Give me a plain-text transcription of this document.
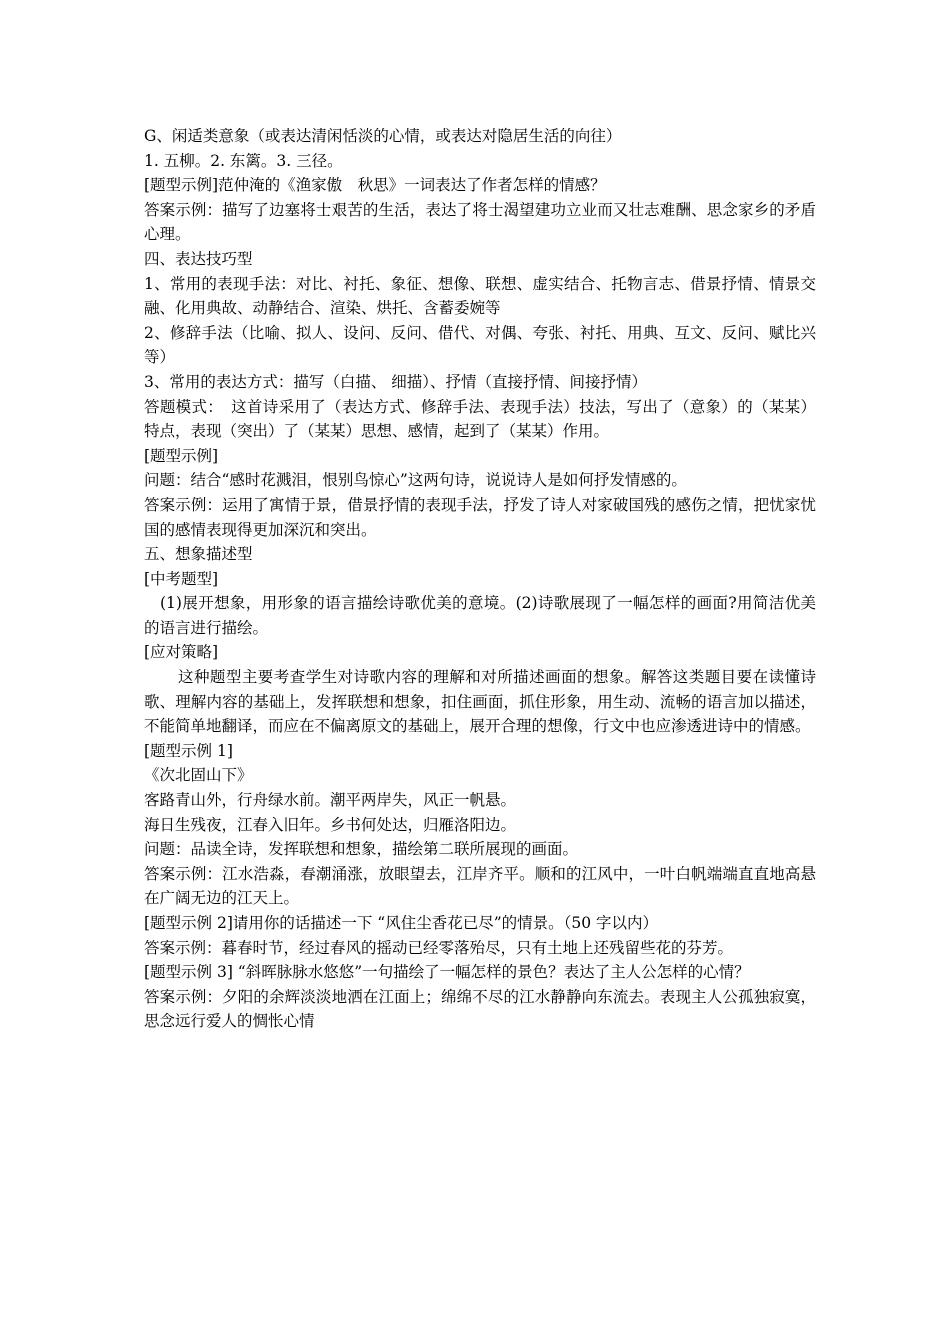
G、闲适类意象（或表达清闲恬淡的心情，或表达对隐居生活的向往）

1. 五柳。2. 东篱。3. 三径。

[题型示例]范仲淹的《渔家傲　秋思》一词表达了作者怎样的情感？

答案示例：描写了边塞将士艰苦的生活，表达了将士渴望建功立业而又壮志难酬、思念家乡的矛盾心理。

四、表达技巧型

1、常用的表现手法：对比、衬托、象征、想像、联想、虚实结合、托物言志、借景抒情、情景交融、化用典故、动静结合、渲染、烘托、含蓄委婉等

2、修辞手法（比喻、拟人、设问、反问、借代、对偶、夸张、衬托、用典、互文、反问、赋比兴等）

3、常用的表达方式：描写（白描、 细描）、抒情（直接抒情、间接抒情）

答题模式：　这首诗采用了（表达方式、修辞手法、表现手法）技法，写出了（意象）的（某某）特点，表现（突出）了（某某）思想、感情，起到了（某某）作用。

[题型示例]

问题：结合“感时花溅泪，恨别鸟惊心”这两句诗，说说诗人是如何抒发情感的。

答案示例：运用了寓情于景，借景抒情的表现手法，抒发了诗人对家破国残的感伤之情，把忧家忧国的感情表现得更加深沉和突出。

五、想象描述型

[中考题型]

(1)展开想象，用形象的语言描绘诗歌优美的意境。(2)诗歌展现了一幅怎样的画面?用简洁优美的语言进行描绘。

[应对策略]

这种题型主要考查学生对诗歌内容的理解和对所描述画面的想象。解答这类题目要在读懂诗歌、理解内容的基础上，发挥联想和想象，扣住画面，抓住形象，用生动、流畅的语言加以描述，不能简单地翻译，而应在不偏离原文的基础上，展开合理的想像，行文中也应渗透进诗中的情感。

[题型示例 1]

《次北固山下》

客路青山外，行舟绿水前。潮平两岸失，风正一帆悬。

海日生残夜，江春入旧年。乡书何处达，归雁洛阳边。

问题：品读全诗，发挥联想和想象，描绘第二联所展现的画面。

答案示例：江水浩淼，春潮涌涨，放眼望去，江岸齐平。顺和的江风中，一叶白帆端端直直地高悬在广阔无边的江天上。

[题型示例 2]请用你的话描述一下 “风住尘香花已尽”的情景。（50 字以内）

答案示例：暮春时节，经过春风的摇动已经零落殆尽，只有土地上还残留些花的芬芳。

[题型示例 3] “斜晖脉脉水悠悠”一句描绘了一幅怎样的景色？表达了主人公怎样的心情？

答案示例：夕阳的余辉淡淡地洒在江面上；绵绵不尽的江水静静向东流去。表现主人公孤独寂寞，思念远行爱人的惆怅心情
